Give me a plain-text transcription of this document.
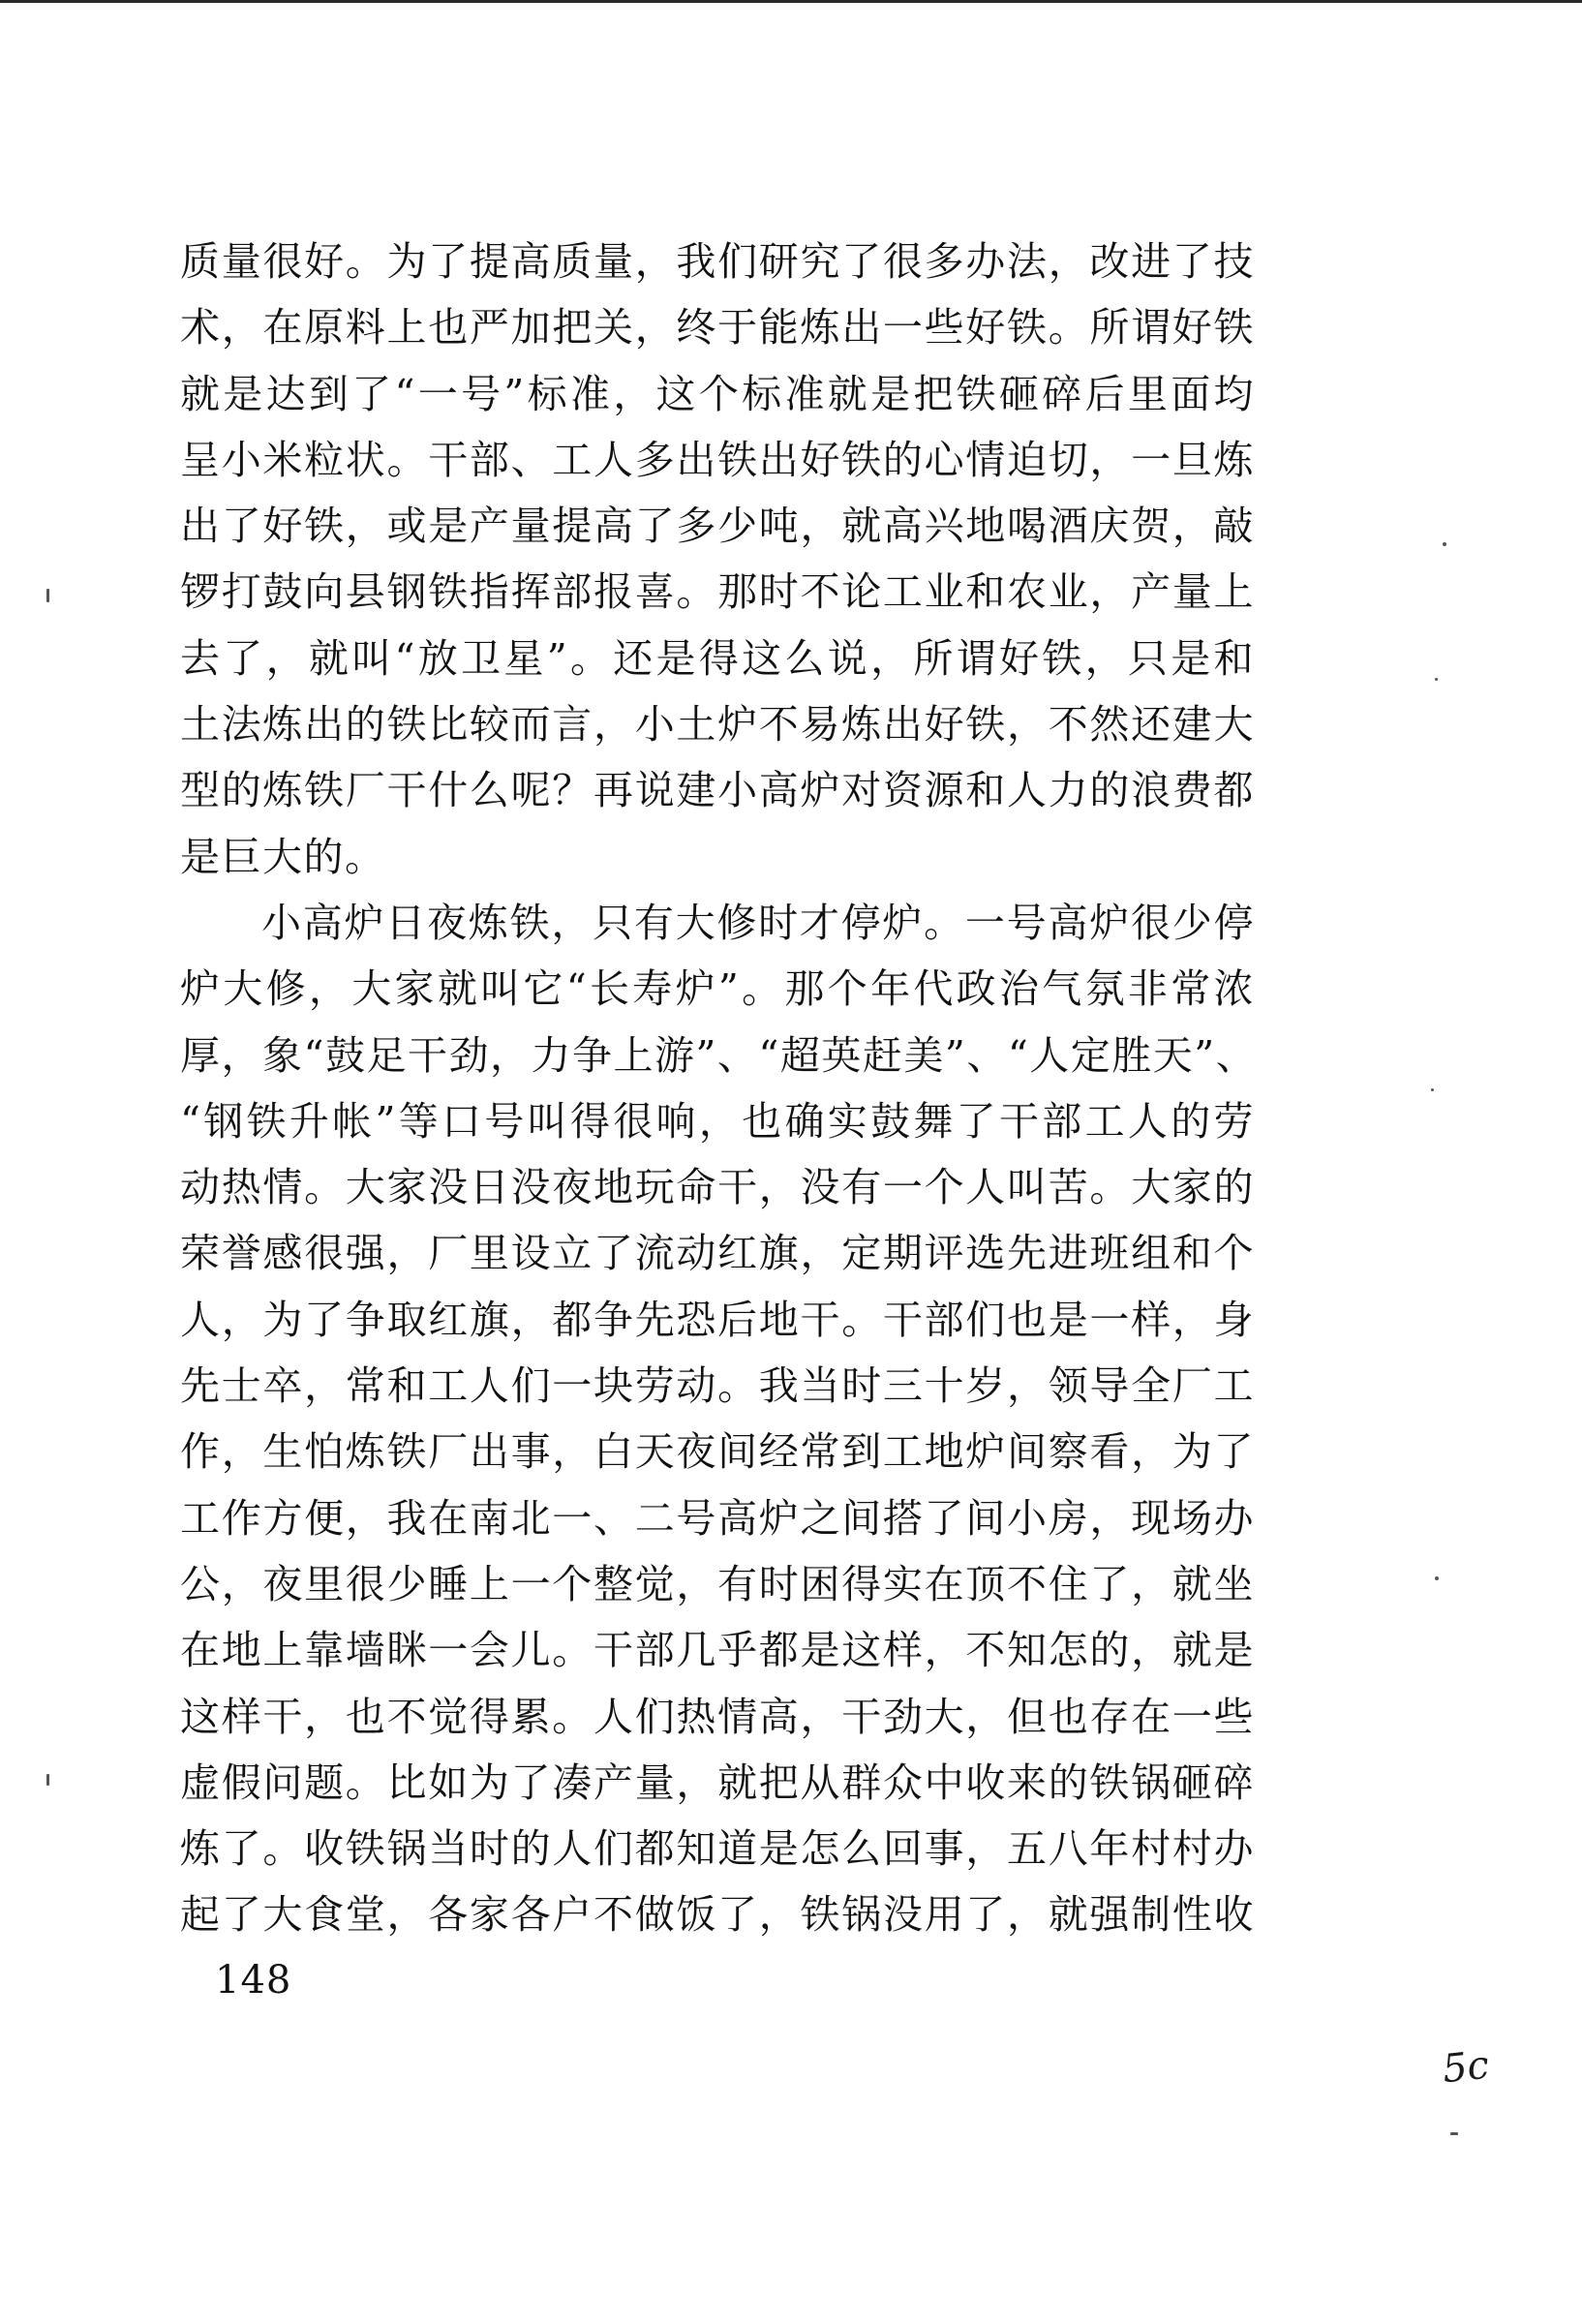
质量很好。为了提高质量，我们研究了很多办法，改进了技
术，在原料上也严加把关，终于能炼出一些好铁。所谓好铁
就是达到了“一号”标准，这个标准就是把铁砸碎后里面均
呈小米粒状。干部、工人多出铁出好铁的心情迫切，一旦炼
出了好铁，或是产量提高了多少吨，就高兴地喝酒庆贺，敲
锣打鼓向县钢铁指挥部报喜。那时不论工业和农业，产量上
去了，就叫“放卫星”。还是得这么说，所谓好铁，只是和
土法炼出的铁比较而言，小土炉不易炼出好铁，不然还建大
型的炼铁厂干什么呢？再说建小高炉对资源和人力的浪费都
是巨大的。
小高炉日夜炼铁，只有大修时才停炉。一号高炉很少停
炉大修，大家就叫它“长寿炉”。那个年代政治气氛非常浓
厚，象“鼓足干劲，力争上游”、“超英赶美”、“人定胜天”、
“钢铁升帐”等口号叫得很响，也确实鼓舞了干部工人的劳
动热情。大家没日没夜地玩命干，没有一个人叫苦。大家的
荣誉感很强，厂里设立了流动红旗，定期评选先进班组和个
人，为了争取红旗，都争先恐后地干。干部们也是一样，身
先士卒，常和工人们一块劳动。我当时三十岁，领导全厂工
作，生怕炼铁厂出事，白天夜间经常到工地炉间察看，为了
工作方便，我在南北一、二号高炉之间搭了间小房，现场办
公，夜里很少睡上一个整觉，有时困得实在顶不住了，就坐
在地上靠墙眯一会儿。干部几乎都是这样，不知怎的，就是
这样干，也不觉得累。人们热情高，干劲大，但也存在一些
虚假问题。比如为了凑产量，就把从群众中收来的铁锅砸碎
炼了。收铁锅当时的人们都知道是怎么回事，五八年村村办
起了大食堂，各家各户不做饭了，铁锅没用了，就强制性收
148
5c
